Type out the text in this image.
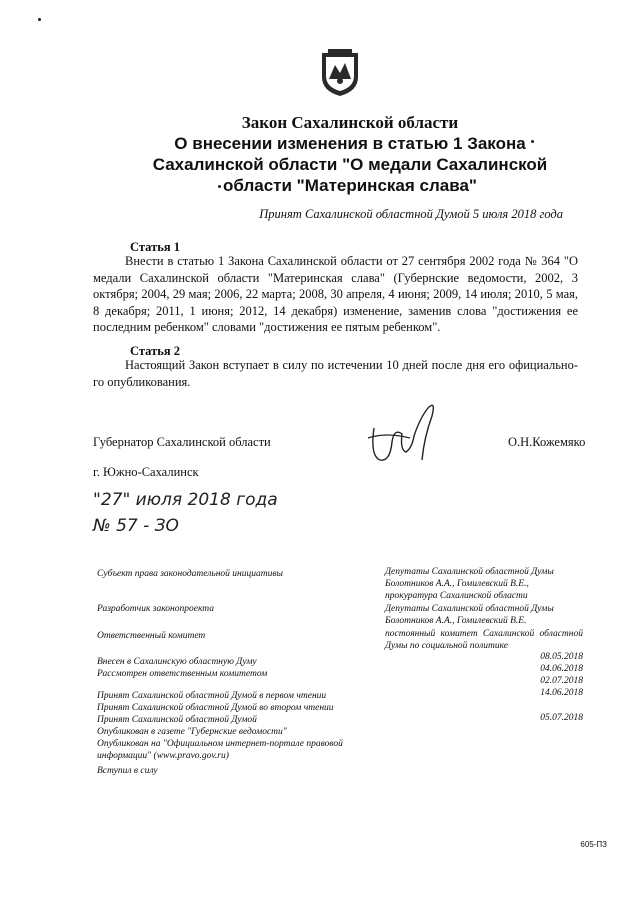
Закон Сахалинской области
О внесении изменения в статью 1 Закона
Сахалинской области "О медали Сахалинской
области "Материнская слава"
Принят Сахалинской областной Думой 5 июля 2018 года
Статья 1
Внести в статью 1 Закона Сахалинской области от 27 сентября 2002 года № 364 "О медали Сахалинской области "Материнская слава" (Губернские ведомости, 2002, 3 октября; 2004, 29 мая; 2006, 22 марта; 2008, 30 апреля, 4 июня; 2009, 14 июля; 2010, 5 мая, 8 декабря; 2011, 1 июня; 2012, 14 декабря) изменение, заменив слова "достижения ее последним ребенком" словами "достижения ее пятым ребенком".
Статья 2
Настоящий Закон вступает в силу по истечении 10 дней после дня его официально-го опубликования.
Губернатор Сахалинской области	О.Н.Кожемяко
г. Южно-Сахалинск
"27" июля 2018 года
№ 57 - ЗО
Субъект права законодательной инициативы
Разработчик законопроекта
Ответственный комитет
Внесен в Сахалинскую областную Думу
Рассмотрен ответственным комитетом
Принят Сахалинской областной Думой в первом чтении
Принят Сахалинской областной Думой во втором чтении
Принят Сахалинской областной Думой
Опубликован в газете "Губернские ведомости"
Опубликован на "Официальном интернет-портале правовой информации" (www.pravo.gov.ru)
Вступил в силу
Депутаты Сахалинской областной Думы Болотников А.А., Гомилевский В.Е., прокуратура Сахалинской области
Депутаты Сахалинской областной Думы Болотников А.А., Гомилевский В.Е.
постоянный комитет Сахалинской областной Думы по социальной политике
08.05.2018
04.06.2018
02.07.2018
14.06.2018
05.07.2018
605-ПЗ
